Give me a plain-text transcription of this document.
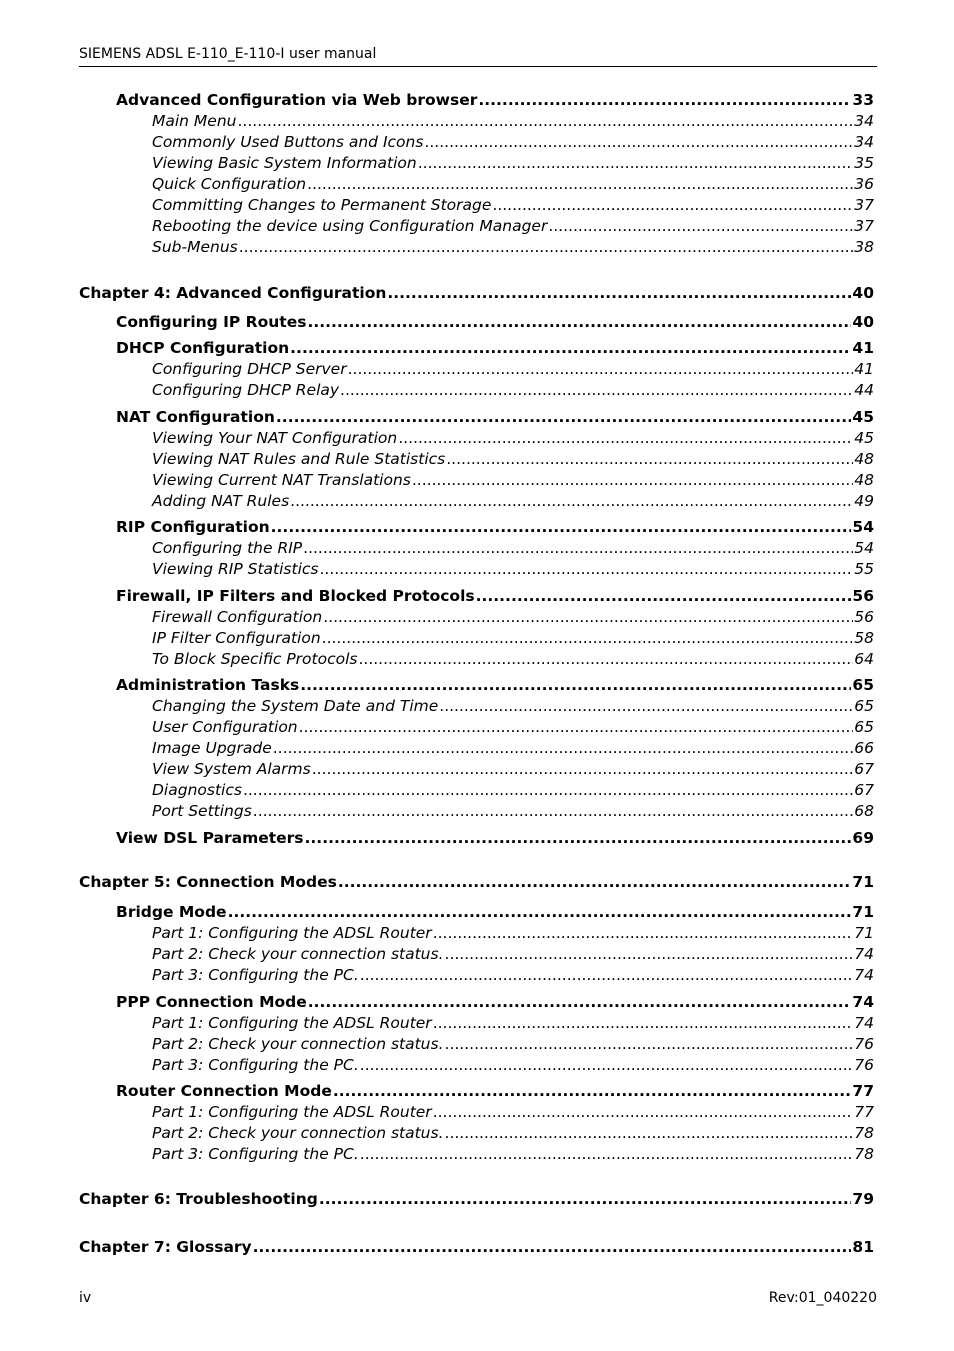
SIEMENS ADSL E-110_E-110-I user manual
Advanced Configuration via Web browser .....	33
Main Menu .....	34
Commonly Used Buttons and Icons .....	34
Viewing Basic System Information .....	35
Quick Configuration .....	36
Committing Changes to Permanent Storage .....	37
Rebooting the device using Configuration Manager .....	37
Sub-Menus .....	38
Chapter 4: Advanced Configuration .....	40
Configuring IP Routes .....	40
DHCP Configuration .....	41
Configuring DHCP Server .....	41
Configuring DHCP Relay .....	44
NAT Configuration .....	45
Viewing Your NAT Configuration .....	45
Viewing NAT Rules and Rule Statistics .....	48
Viewing Current NAT Translations .....	48
Adding NAT Rules .....	49
RIP Configuration .....	54
Configuring the RIP .....	54
Viewing RIP Statistics .....	55
Firewall, IP Filters and Blocked Protocols .....	56
Firewall Configuration .....	56
IP Filter Configuration .....	58
To Block Specific Protocols .....	64
Administration Tasks .....	65
Changing the System Date and Time .....	65
User Configuration .....	65
Image Upgrade .....	66
View System Alarms .....	67
Diagnostics .....	67
Port Settings .....	68
View DSL Parameters .....	69
Chapter 5: Connection Modes .....	71
Bridge Mode .....	71
Part 1: Configuring the ADSL Router .....	71
Part 2: Check your connection status. .....	74
Part 3: Configuring the PC. .....	74
PPP Connection Mode .....	74
Part 1: Configuring the ADSL Router .....	74
Part 2: Check your connection status. .....	76
Part 3: Configuring the PC. .....	76
Router Connection Mode .....	77
Part 1: Configuring the ADSL Router .....	77
Part 2: Check your connection status. .....	78
Part 3: Configuring the PC. .....	78
Chapter 6: Troubleshooting .....	79
Chapter 7: Glossary .....	81
iv	Rev:01_040220
